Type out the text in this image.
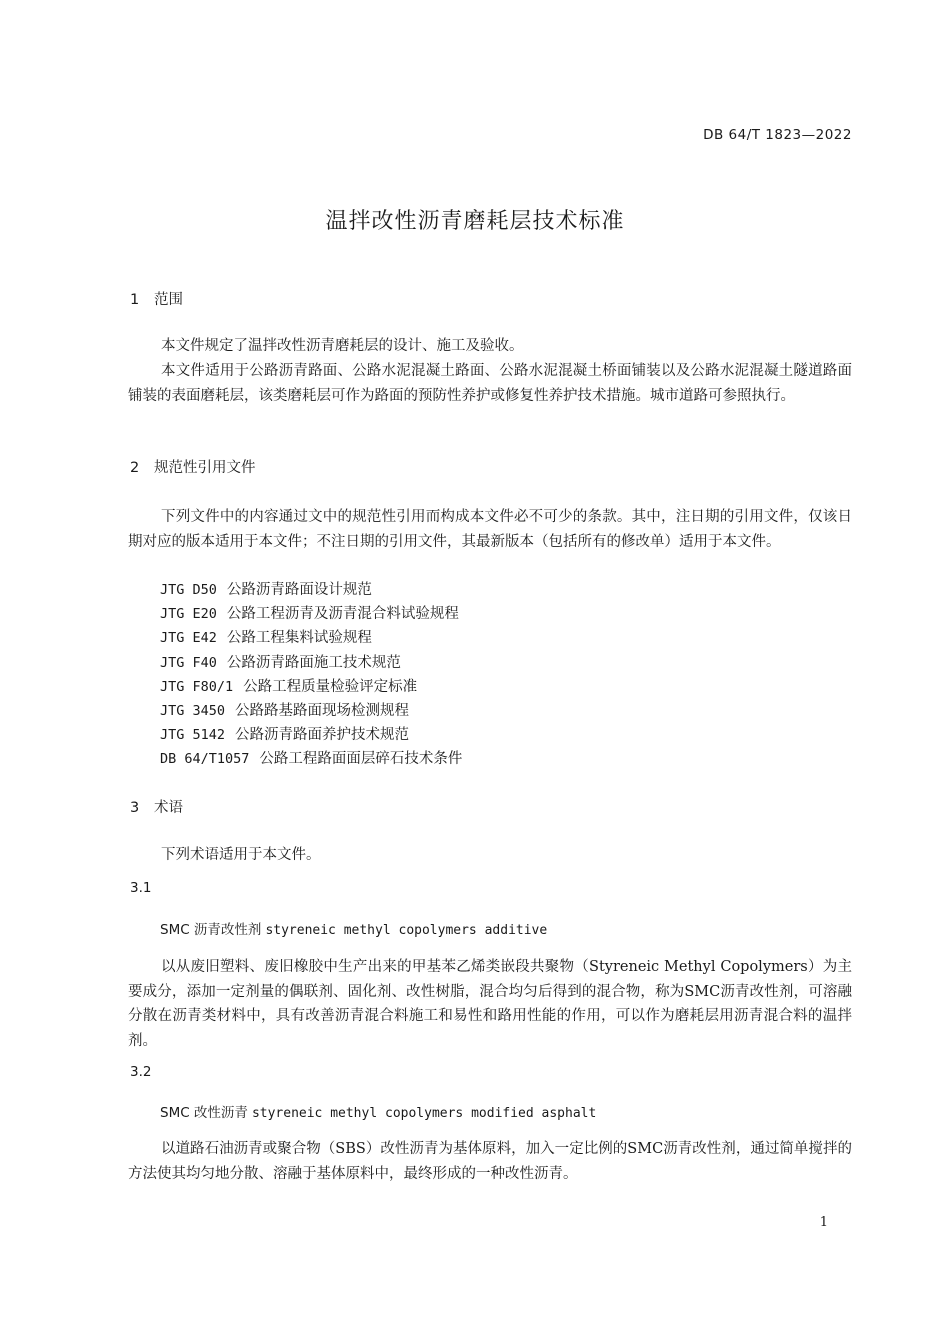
DB 64/T 1823—2022
温拌改性沥青磨耗层技术标准
1 范围
本文件规定了温拌改性沥青磨耗层的设计、施工及验收。
本文件适用于公路沥青路面、公路水泥混凝土路面、公路水泥混凝土桥面铺装以及公路水泥混凝土隧道路面铺装的表面磨耗层，该类磨耗层可作为路面的预防性养护或修复性养护技术措施。城市道路可参照执行。
2 规范性引用文件
下列文件中的内容通过文中的规范性引用而构成本文件必不可少的条款。其中，注日期的引用文件，仅该日期对应的版本适用于本文件；不注日期的引用文件，其最新版本（包括所有的修改单）适用于本文件。
JTG D50 公路沥青路面设计规范
JTG E20 公路工程沥青及沥青混合料试验规程
JTG E42 公路工程集料试验规程
JTG F40 公路沥青路面施工技术规范
JTG F80/1 公路工程质量检验评定标准
JTG 3450 公路路基路面现场检测规程
JTG 5142 公路沥青路面养护技术规范
DB 64/T1057 公路工程路面面层碎石技术条件
3 术语
下列术语适用于本文件。
3.1
SMC 沥青改性剂 styreneic methyl copolymers additive
以从废旧塑料、废旧橡胶中生产出来的甲基苯乙烯类嵌段共聚物（Styreneic Methyl Copolymers）为主要成分，添加一定剂量的偶联剂、固化剂、改性树脂，混合均匀后得到的混合物，称为SMC沥青改性剂，可溶融分散在沥青类材料中，具有改善沥青混合料施工和易性和路用性能的作用，可以作为磨耗层用沥青混合料的温拌剂。
3.2
SMC 改性沥青 styreneic methyl copolymers modified asphalt
以道路石油沥青或聚合物（SBS）改性沥青为基体原料，加入一定比例的SMC沥青改性剂，通过简单搅拌的方法使其均匀地分散、溶融于基体原料中，最终形成的一种改性沥青。
1
